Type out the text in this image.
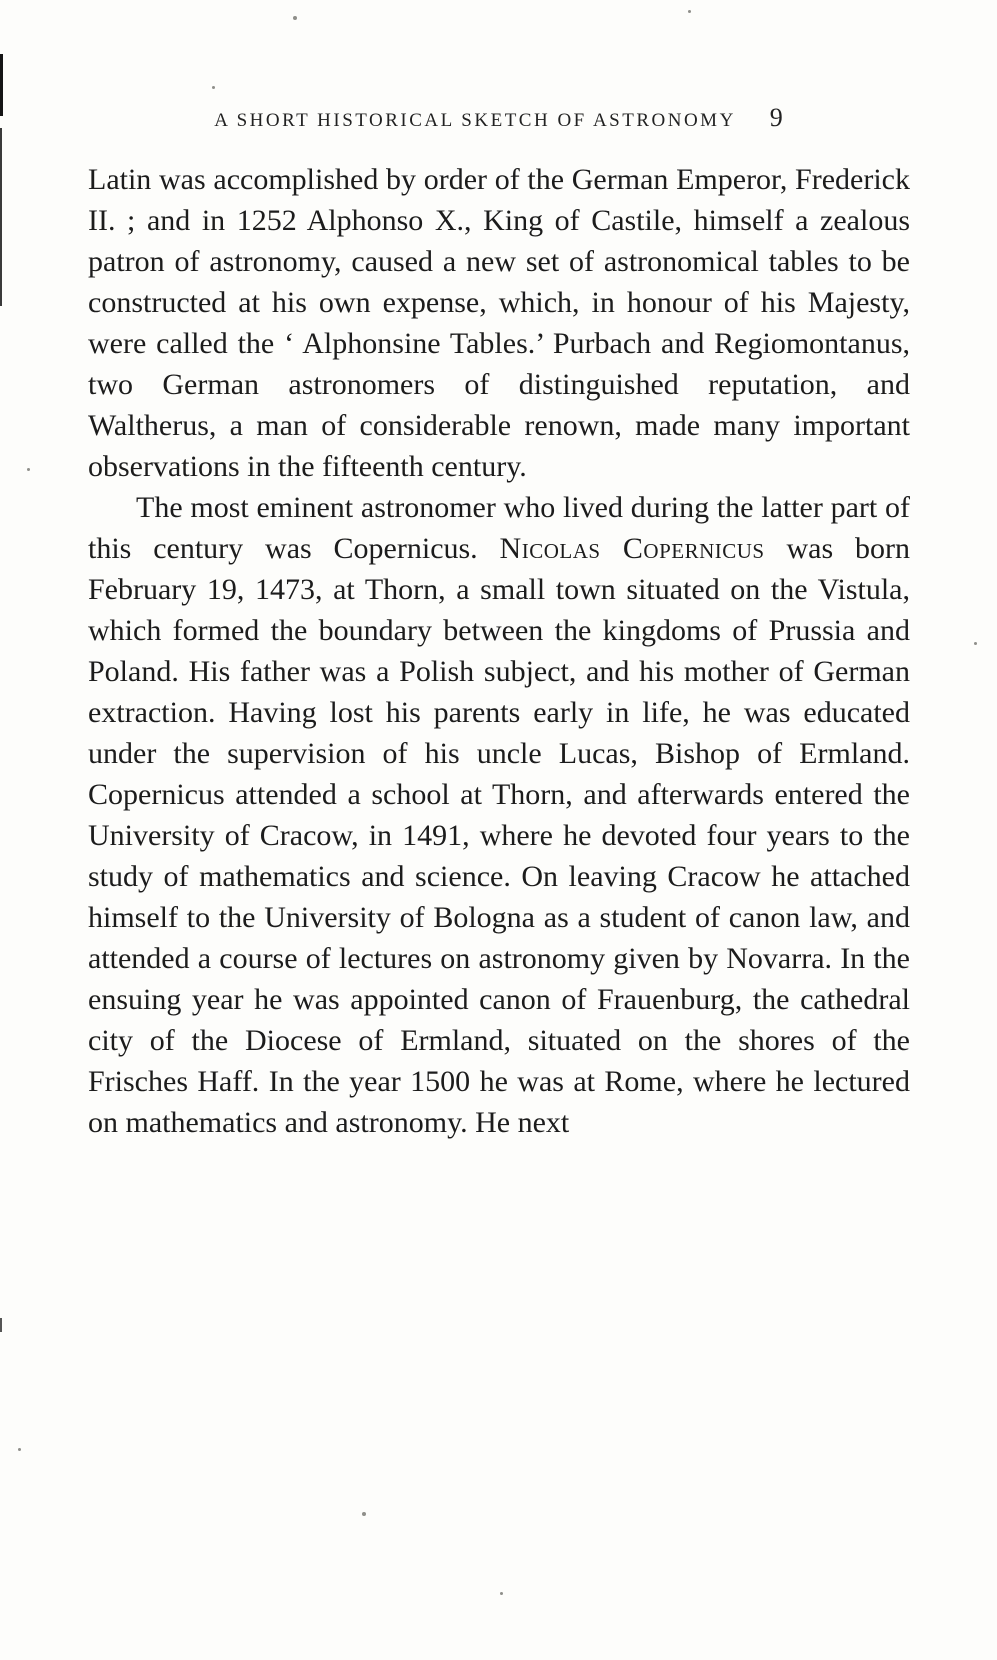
A SHORT HISTORICAL SKETCH OF ASTRONOMY 9

Latin was accomplished by order of the German Emperor, Frederick II. ; and in 1252 Alphonso X., King of Castile, himself a zealous patron of astronomy, caused a new set of astronomical tables to be constructed at his own expense, which, in honour of his Majesty, were called the ‘ Alphonsine Tables.’ Purbach and Regiomontanus, two German astronomers of distinguished reputation, and Waltherus, a man of considerable renown, made many important observations in the fifteenth century.

The most eminent astronomer who lived during the latter part of this century was Copernicus. Nicolas Copernicus was born February 19, 1473, at Thorn, a small town situated on the Vistula, which formed the boundary between the kingdoms of Prussia and Poland. His father was a Polish subject, and his mother of German extraction. Having lost his parents early in life, he was educated under the supervision of his uncle Lucas, Bishop of Ermland. Copernicus attended a school at Thorn, and afterwards entered the University of Cracow, in 1491, where he devoted four years to the study of mathematics and science. On leaving Cracow he attached himself to the University of Bologna as a student of canon law, and attended a course of lectures on astronomy given by Novarra. In the ensuing year he was appointed canon of Frauenburg, the cathedral city of the Diocese of Ermland, situated on the shores of the Frisches Haff. In the year 1500 he was at Rome, where he lectured on mathematics and astronomy. He next
